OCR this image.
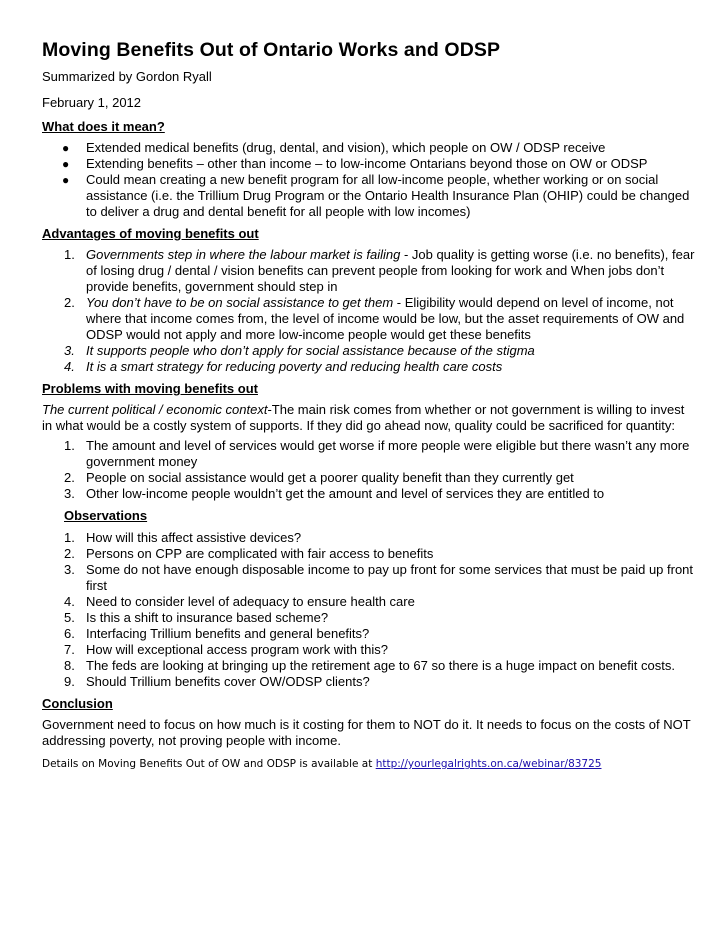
Moving Benefits Out of Ontario Works and ODSP
Summarized by Gordon Ryall
February 1, 2012
What does it mean?
● Extended medical benefits (drug, dental, and vision), which people on OW / ODSP receive
● Extending benefits – other than income – to low-income Ontarians beyond those on OW or ODSP
● Could mean creating a new benefit program for all low-income people, whether working or on social assistance (i.e. the Trillium Drug Program or the Ontario Health Insurance Plan (OHIP) could be changed to deliver a drug and dental benefit for all people with low incomes)
Advantages of moving benefits out
1. Governments step in where the labour market is failing - Job quality is getting worse (i.e. no benefits), fear of losing drug / dental / vision benefits can prevent people from looking for work and When jobs don’t provide benefits, government should step in
2. You don’t have to be on social assistance to get them - Eligibility would depend on level of income, not where that income comes from, the level of income would be low, but the asset requirements of OW and ODSP would not apply and more low-income people would get these benefits
3. It supports people who don’t apply for social assistance because of the stigma
4. It is a smart strategy for reducing poverty and reducing health care costs
Problems with moving benefits out
The current political / economic context-The main risk comes from whether or not government is willing to invest in what would be a costly system of supports. If they did go ahead now, quality could be sacrificed for quantity:
1. The amount and level of services would get worse if more people were eligible but there wasn’t any more government money
2. People on social assistance would get a poorer quality benefit than they currently get
3. Other low-income people wouldn’t get the amount and level of services they are entitled to
Observations
1. How will this affect assistive devices?
2. Persons on CPP are complicated with fair access to benefits
3. Some do not have enough disposable income to pay up front for some services that must be paid up front first
4. Need to consider level of adequacy to ensure health care
5. Is this a shift to insurance based scheme?
6. Interfacing Trillium benefits and general benefits?
7. How will exceptional access program work with this?
8. The feds are looking at bringing up the retirement age to 67 so there is a huge impact on benefit costs.
9. Should Trillium benefits cover OW/ODSP clients?
Conclusion
Government need to focus on how much is it costing for them to NOT do it. It needs to focus on the costs of NOT addressing poverty, not proving people with income.
Details on Moving Benefits Out of OW and ODSP is available at http://yourlegalrights.on.ca/webinar/83725
